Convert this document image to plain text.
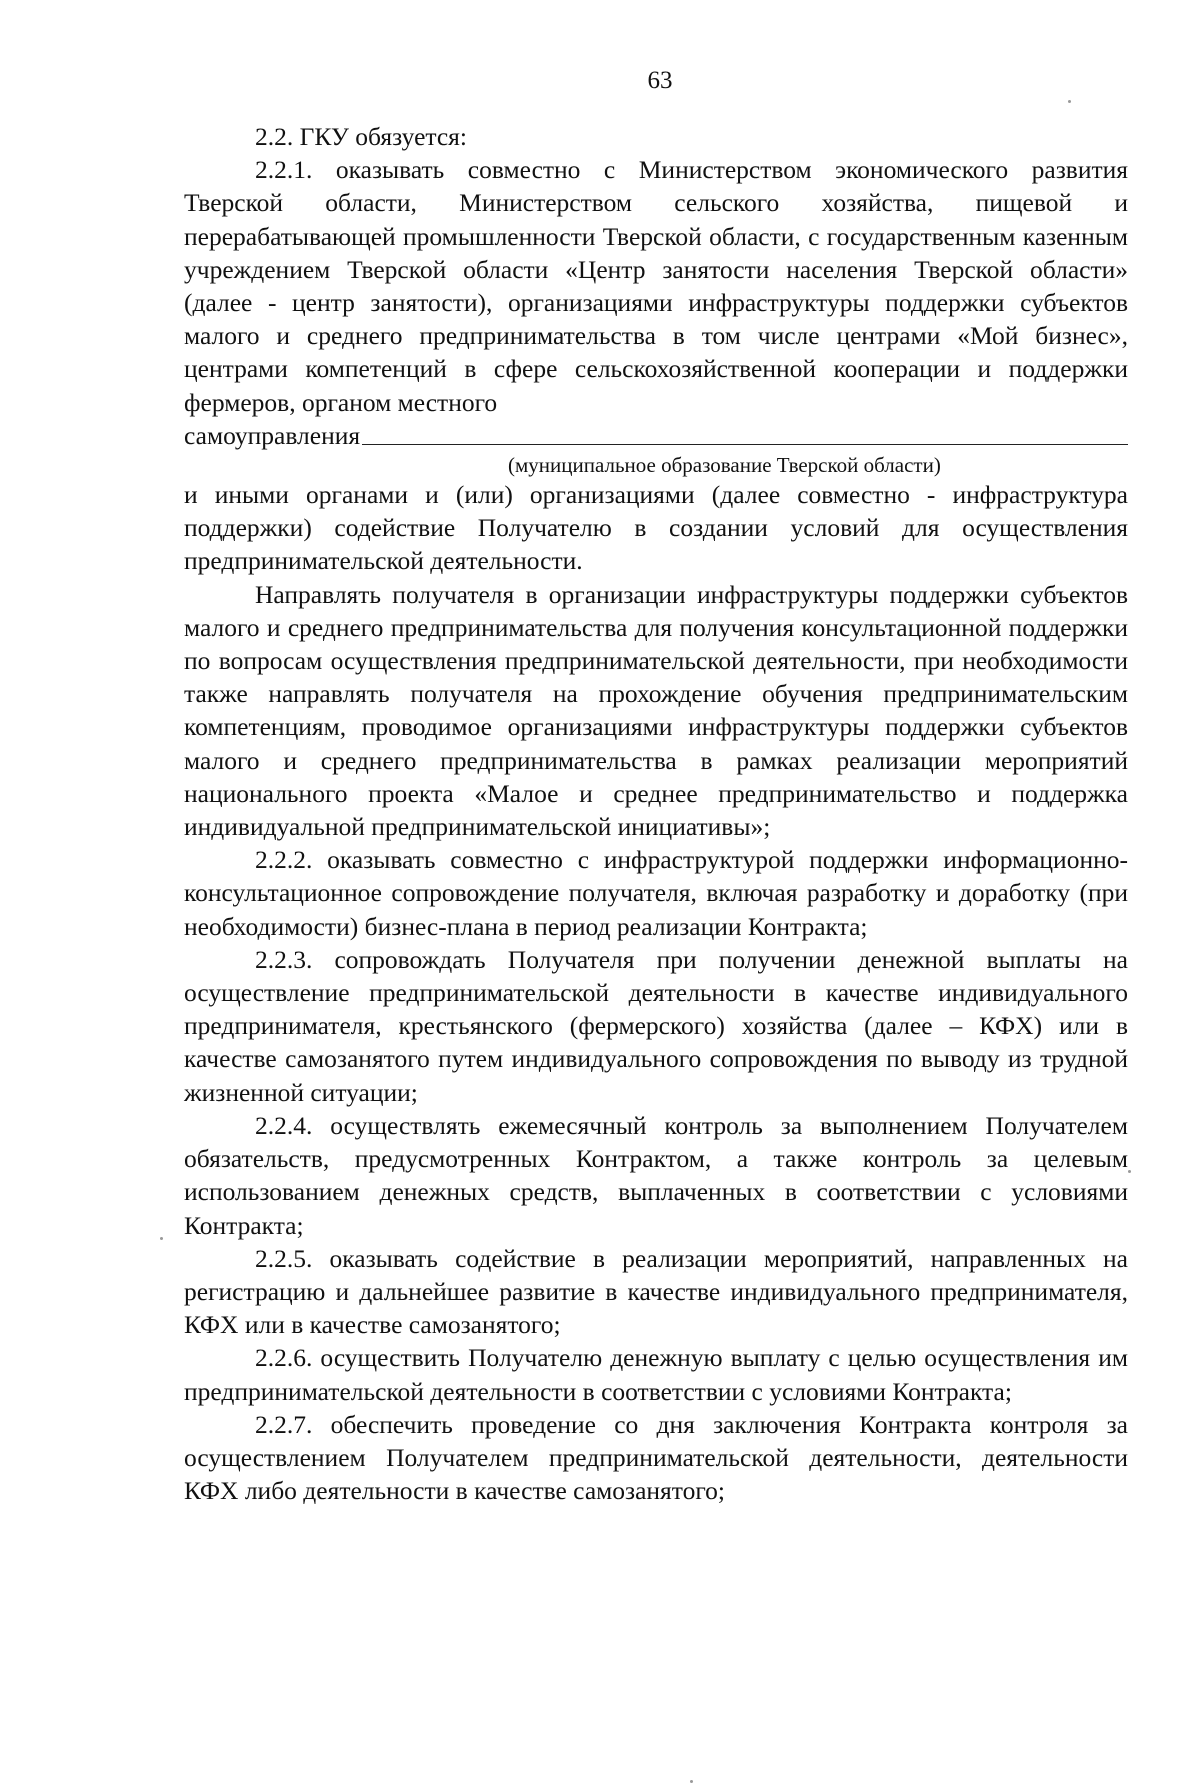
63

2.2. ГКУ обязуется:

2.2.1. оказывать совместно с Министерством экономического развития Тверской области, Министерством сельского хозяйства, пищевой и перерабатывающей промышленности Тверской области, с государственным казенным учреждением Тверской области «Центр занятости населения Тверской области» (далее - центр занятости), организациями инфраструктуры поддержки субъектов малого и среднего предпринимательства в том числе центрами «Мой бизнес», центрами компетенций в сфере сельскохозяйственной кооперации и поддержки фермеров, органом местного

самоуправления
(муниципальное образование Тверской области)

и иными органами и (или) организациями (далее совместно - инфраструктура поддержки) содействие Получателю в создании условий для осуществления предпринимательской деятельности.

Направлять получателя в организации инфраструктуры поддержки субъектов малого и среднего предпринимательства для получения консультационной поддержки по вопросам осуществления предпринимательской деятельности, при необходимости также направлять получателя на прохождение обучения предпринимательским компетенциям, проводимое организациями инфраструктуры поддержки субъектов малого и среднего предпринимательства в рамках реализации мероприятий национального проекта «Малое и среднее предпринимательство и поддержка индивидуальной предпринимательской инициативы»;

2.2.2. оказывать совместно с инфраструктурой поддержки информационно-консультационное сопровождение получателя, включая разработку и доработку (при необходимости) бизнес-плана в период реализации Контракта;

2.2.3. сопровождать Получателя при получении денежной выплаты на осуществление предпринимательской деятельности в качестве индивидуального предпринимателя, крестьянского (фермерского) хозяйства (далее – КФХ) или в качестве самозанятого путем индивидуального сопровождения по выводу из трудной жизненной ситуации;

2.2.4. осуществлять ежемесячный контроль за выполнением Получателем обязательств, предусмотренных Контрактом, а также контроль за целевым использованием денежных средств, выплаченных в соответствии с условиями Контракта;

2.2.5. оказывать содействие в реализации мероприятий, направленных на регистрацию и дальнейшее развитие в качестве индивидуального предпринимателя, КФХ или в качестве самозанятого;

2.2.6. осуществить Получателю денежную выплату с целью осуществления им предпринимательской деятельности в соответствии с условиями Контракта;

2.2.7. обеспечить проведение со дня заключения Контракта контроля за осуществлением Получателем предпринимательской деятельности, деятельности КФХ либо деятельности в качестве самозанятого;
